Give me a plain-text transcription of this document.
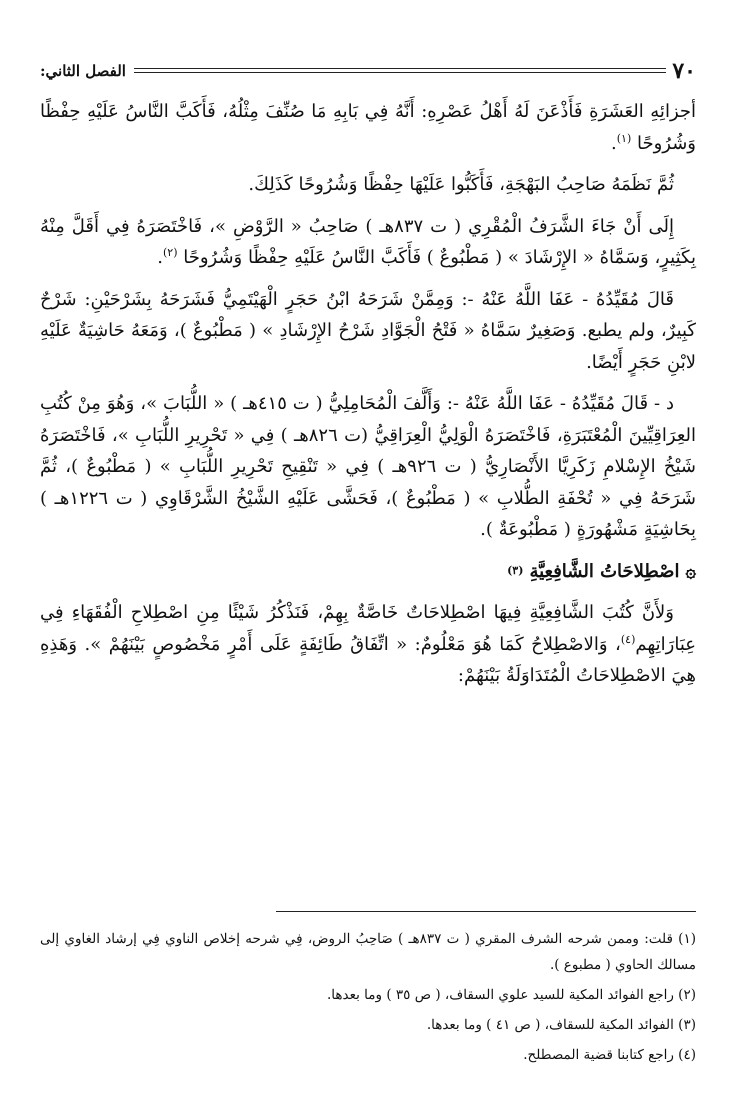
٧٠
الفصل الثاني:

أجزائِهِ العَشَرَةِ فَأَذْعَنَ لَهُ أَهْلُ عَصْرِهِ: أَنَّهُ فِي بَابِهِ مَا صُنِّفَ مِثْلُهُ، فَأَكَبَّ النَّاسُ عَلَيْهِ حِفْظًا وَشُرُوحًا $^{(١)}$.

ثُمَّ نَظَمَهُ صَاحِبُ البَهْجَةِ، فَأَكَبُّوا عَلَيْهَا حِفْظًا وَشُرُوحًا كَذَلِكَ.

إِلَى أَنْ جَاءَ الشَّرَفُ الْمُقْرِي ( ت ٨٣٧هـ ) صَاحِبُ « الرَّوْضِ »، فَاخْتَصَرَهُ فِي أَقَلَّ مِنْهُ بِكَثِيرٍ، وَسَمَّاهُ « الإِرْشَادَ » ( مَطْبُوعٌ ) فَأَكَبَّ النَّاسُ عَلَيْهِ حِفْظًا وَشُرُوحًا $^{(٢)}$.

قَالَ مُقَيِّدُهُ - عَفَا اللَّهُ عَنْهُ -: وَمِمَّنْ شَرَحَهُ ابْنُ حَجَرٍ الْهَيْتَمِيُّ فَشَرَحَهُ بِشَرْحَيْنِ: شَرْحٌ كَبِيرٌ، ولم يطبع. وَصَغِيرٌ سَمَّاهُ « فَتْحُ الْجَوَّادِ شَرْحُ الإِرْشَادِ » ( مَطْبُوعٌ )، وَمَعَهُ حَاشِيَةٌ عَلَيْهِ لابْنِ حَجَرٍ أَيْضًا.

د - قَالَ مُقَيِّدُهُ - عَفَا اللَّهُ عَنْهُ -: وَأَلَّفَ الْمُحَامِلِيُّ ( ت ٤١٥هـ ) « اللُّبَابَ »، وَهُوَ مِنْ كُتُبِ العِرَاقِيِّينَ الْمُعْتَبَرَةِ، فَاخْتَصَرَهُ الْوَلِيُّ الْعِرَاقِيُّ (ت ٨٢٦هـ ) فِي « تَحْرِيرِ اللُّبَابِ »، فَاخْتَصَرَهُ شَيْخُ الإِسْلامِ زَكَرِيَّا الأَنْصَارِيُّ ( ت ٩٢٦هـ ) فِي « تَنْقِيحِ تَحْرِيرِ اللُّبَابِ » ( مَطْبُوعٌ )، ثُمَّ شَرَحَهُ فِي « تُحْفَةِ الطُّلابِ » ( مَطْبُوعٌ )، فَحَشَّى عَلَيْهِ الشَّيْخُ الشَّرْقَاوِي ( ت ١٢٢٦هـ ) بِحَاشِيَةٍ مَشْهُورَةٍ ( مَطْبُوعَةٌ ).

۞
اصْطِلاحَاتُ الشَّافِعِيَّةِ
(٣)

وَلأَنَّ كُتُبَ الشَّافِعِيَّةِ فِيهَا اصْطِلاحَاتٌ خَاصَّةٌ بِهِمْ، فَنَذْكُرُ شَيْئًا مِنِ اصْطِلاحِ الْفُقَهَاءِ فِي عِبَارَاتِهِم$^{(٤)}$، وَالاصْطِلاحُ كَمَا هُوَ مَعْلُومٌ: « اتِّفَاقُ طَائِفَةٍ عَلَى أَمْرٍ مَخْصُوصٍ بَيْنَهُمْ ». وَهَذِهِ هِيَ الاصْطِلاحَاتُ الْمُتَدَاوَلَةُ بَيْنَهُمْ:

(١) قلت: وممن شرحه الشرف المقري ( ت ٨٣٧هـ ) صَاحِبُ الروض، فِي شرحه إخلاص الناوي فِي إرشاد الغاوي إلى مسالك الحاوي ( مطبوع ).

(٢) راجع الفوائد المكية للسيد علوي السقاف، ( ص ٣٥ ) وما بعدها.

(٣) الفوائد المكية للسقاف، ( ص ٤١ ) وما بعدها.

(٤) راجع كتابنا قضية المصطلح.
